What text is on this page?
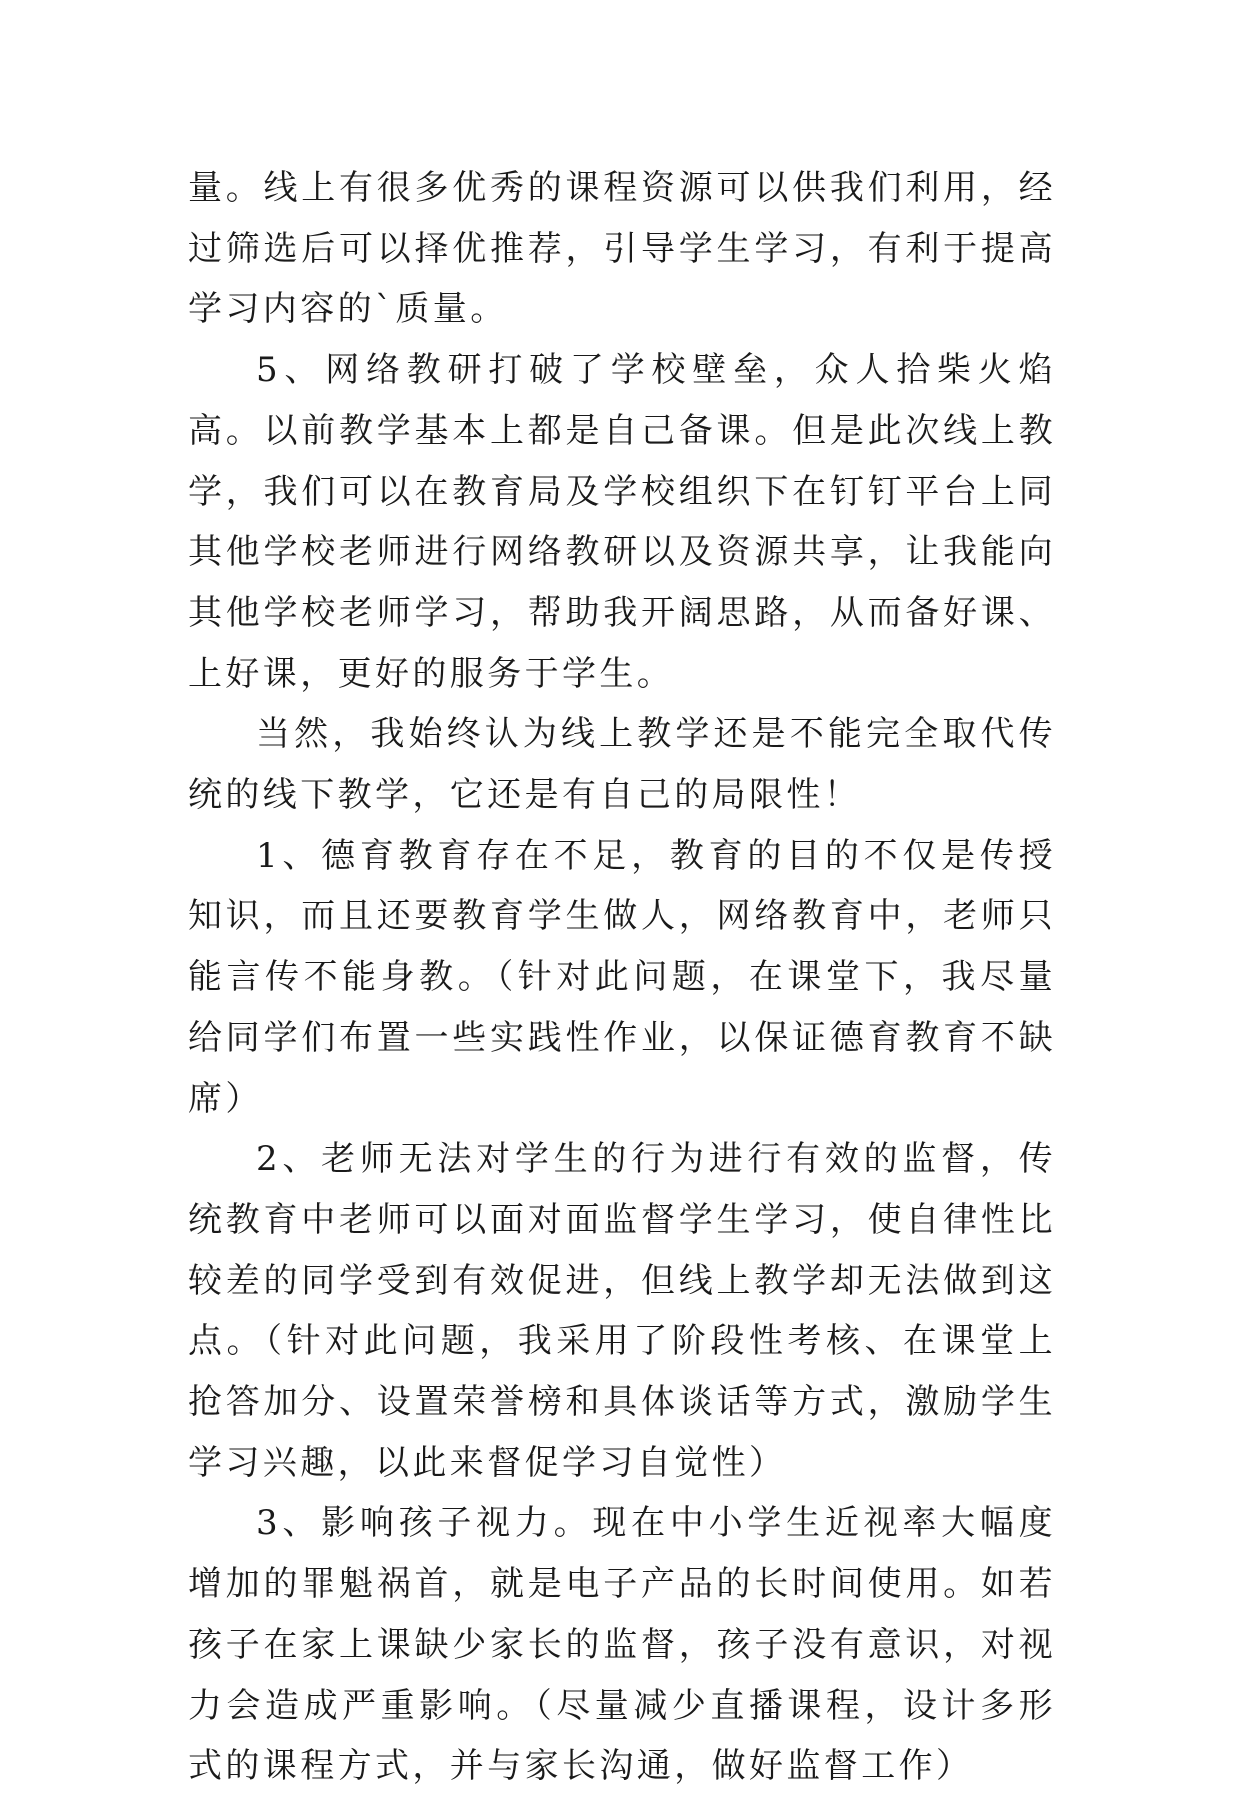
量。线上有很多优秀的课程资源可以供我们利用，经过筛选后可以择优推荐，引导学生学习，有利于提高学习内容的`质量。

5、网络教研打破了学校壁垒，众人拾柴火焰高。以前教学基本上都是自己备课。但是此次线上教学，我们可以在教育局及学校组织下在钉钉平台上同其他学校老师进行网络教研以及资源共享，让我能向其他学校老师学习，帮助我开阔思路，从而备好课、上好课，更好的服务于学生。

当然，我始终认为线上教学还是不能完全取代传统的线下教学，它还是有自己的局限性！

1、德育教育存在不足，教育的目的不仅是传授知识，而且还要教育学生做人，网络教育中，老师只能言传不能身教。（针对此问题，在课堂下，我尽量给同学们布置一些实践性作业，以保证德育教育不缺席）

2、老师无法对学生的行为进行有效的监督，传统教育中老师可以面对面监督学生学习，使自律性比较差的同学受到有效促进，但线上教学却无法做到这点。（针对此问题，我采用了阶段性考核、在课堂上抢答加分、设置荣誉榜和具体谈话等方式，激励学生学习兴趣，以此来督促学习自觉性）

3、影响孩子视力。现在中小学生近视率大幅度增加的罪魁祸首，就是电子产品的长时间使用。如若孩子在家上课缺少家长的监督，孩子没有意识，对视力会造成严重影响。（尽量减少直播课程，设计多形式的课程方式，并与家长沟通，做好监督工作）
